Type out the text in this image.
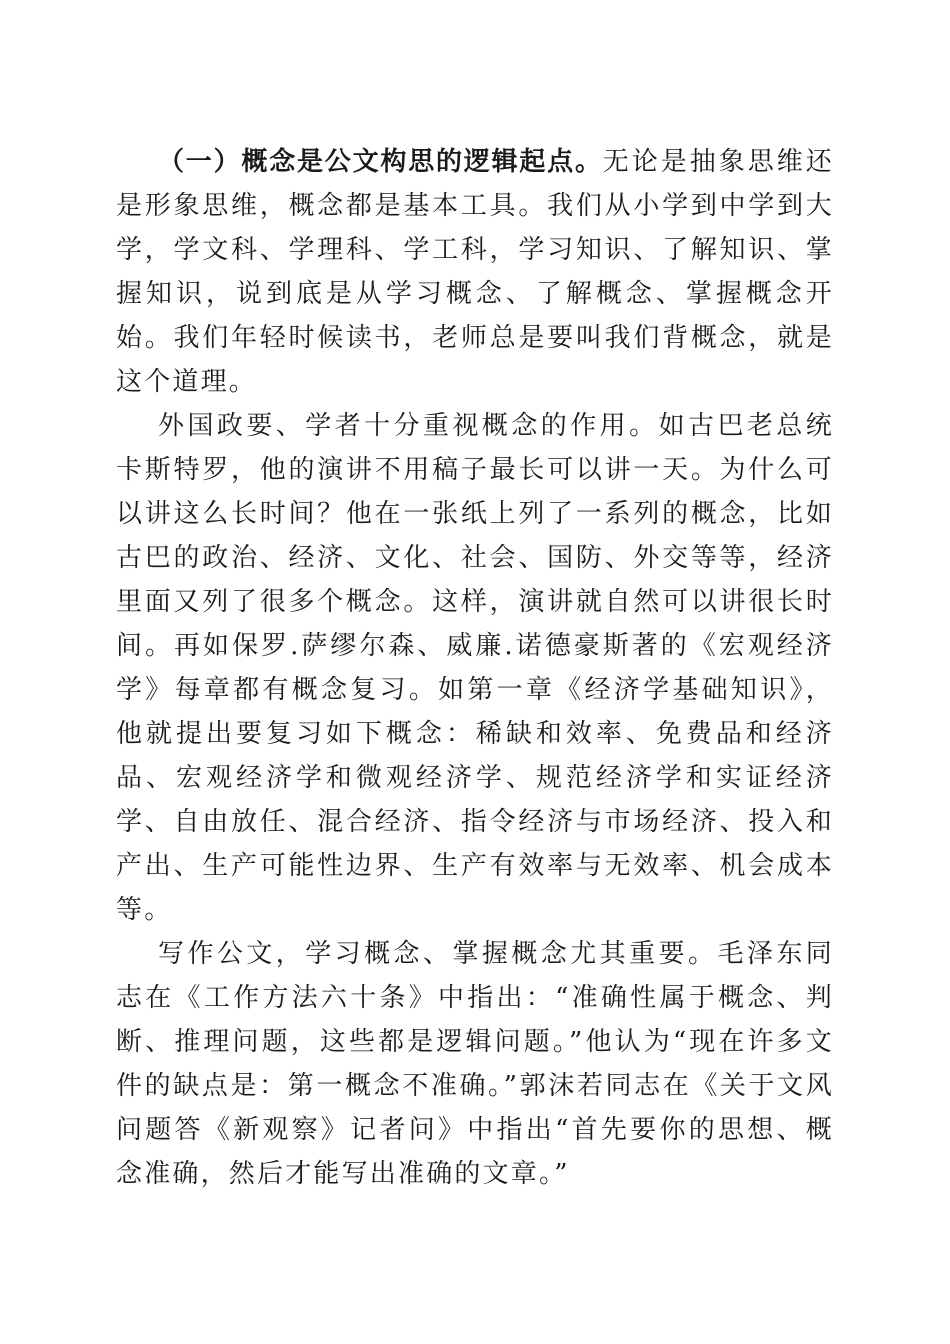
（一）概念是公文构思的逻辑起点。无论是抽象思维还是形象思维，概念都是基本工具。我们从小学到中学到大学，学文科、学理科、学工科，学习知识、了解知识、掌握知识，说到底是从学习概念、了解概念、掌握概念开始。我们年轻时候读书，老师总是要叫我们背概念，就是这个道理。

外国政要、学者十分重视概念的作用。如古巴老总统卡斯特罗，他的演讲不用稿子最长可以讲一天。为什么可以讲这么长时间？他在一张纸上列了一系列的概念，比如古巴的政治、经济、文化、社会、国防、外交等等，经济里面又列了很多个概念。这样，演讲就自然可以讲很长时间。再如保罗.萨缪尔森、威廉.诺德豪斯著的《宏观经济学》每章都有概念复习。如第一章《经济学基础知识》，他就提出要复习如下概念：稀缺和效率、免费品和经济品、宏观经济学和微观经济学、规范经济学和实证经济学、自由放任、混合经济、指令经济与市场经济、投入和产出、生产可能性边界、生产有效率与无效率、机会成本等。

写作公文，学习概念、掌握概念尤其重要。毛泽东同志在《工作方法六十条》中指出：“准确性属于概念、判断、推理问题，这些都是逻辑问题。”他认为“现在许多文件的缺点是：第一概念不准确。”郭沫若同志在《关于文风问题答《新观察》记者问》中指出“首先要你的思想、概念准确，然后才能写出准确的文章。”
